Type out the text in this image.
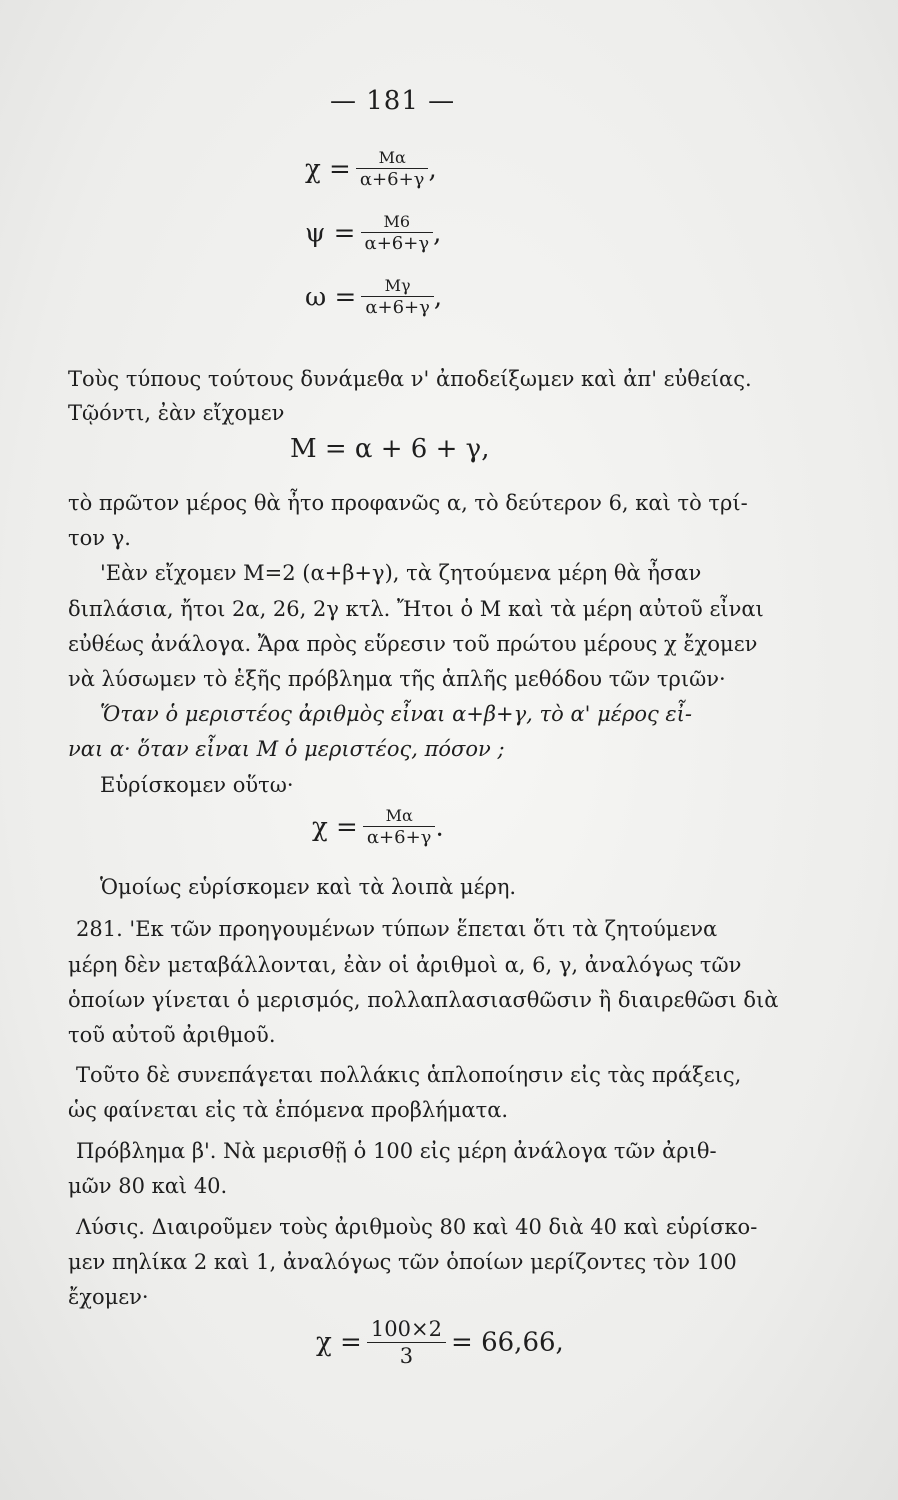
— 181 —
$\chi = \frac{M\alpha}{\alpha+6+\gamma}$ ,
$\psi = \frac{M6}{\alpha+6+\gamma}$ ,
$\omega = \frac{M\gamma}{\alpha+6+\gamma}$ ,
Τοὺς τύπους τούτους δυνάμεθα ν' ἀποδείξωμεν καὶ ἀπ' εὐθείας.
Τῷόντι, ἐὰν εἴχομεν
M = α + 6 + γ,
τὸ πρῶτον μέρος θὰ ἦτο προφανῶς α, τὸ δεύτερον 6, καὶ τὸ τρί-
τον γ.
'Εὰν εἴχομεν M=2 (α+β+γ), τὰ ζητούμενα μέρη θὰ ἦσαν
διπλάσια, ἤτοι 2α, 26, 2γ κτλ. Ἤτοι ὁ Μ καὶ τὰ μέρη αὐτοῦ εἶναι
εὐθέως ἀνάλογα. Ἄρα πρὸς εὕρεσιν τοῦ πρώτου μέρους χ ἔχομεν
νὰ λύσωμεν τὸ ἑξῆς πρόβλημα τῆς ἁπλῆς μεθόδου τῶν τριῶν·
Ὅταν ὁ μεριστέος ἀριθμὸς εἶναι α+β+γ, τὸ α' μέρος εἶ-
ναι α· ὅταν εἶναι Μ ὁ μεριστέος, πόσον ;
Εὑρίσκομεν οὕτω·
$\chi = \frac{M\alpha}{\alpha+6+\gamma}$ .
Ὁμοίως εὑρίσκομεν καὶ τὰ λοιπὰ μέρη.
281. 'Εκ τῶν προηγουμένων τύπων ἕπεται ὅτι τὰ ζητούμενα
μέρη δὲν μεταβάλλονται, ἐὰν οἱ ἀριθμοὶ α, 6, γ, ἀναλόγως τῶν
ὁποίων γίνεται ὁ μερισμός, πολλαπλασιασθῶσιν ἢ διαιρεθῶσι διὰ
τοῦ αὐτοῦ ἀριθμοῦ.
Τοῦτο δὲ συνεπάγεται πολλάκις ἁπλοποίησιν εἰς τὰς πράξεις,
ὡς φαίνεται εἰς τὰ ἑπόμενα προβλήματα.
Πρόβλημα β'. Νὰ μερισθῇ ὁ 100 εἰς μέρη ἀνάλογα τῶν ἀριθ-
μῶν 80 καὶ 40.
Λύσις. Διαιροῦμεν τοὺς ἀριθμοὺς 80 καὶ 40 διὰ 40 καὶ εὑρίσκο-
μεν πηλίκα 2 καὶ 1, ἀναλόγως τῶν ὁποίων μερίζοντες τὸν 100
ἔχομεν·
$\chi = \frac{100\times 2}{3} = 66,66$,
